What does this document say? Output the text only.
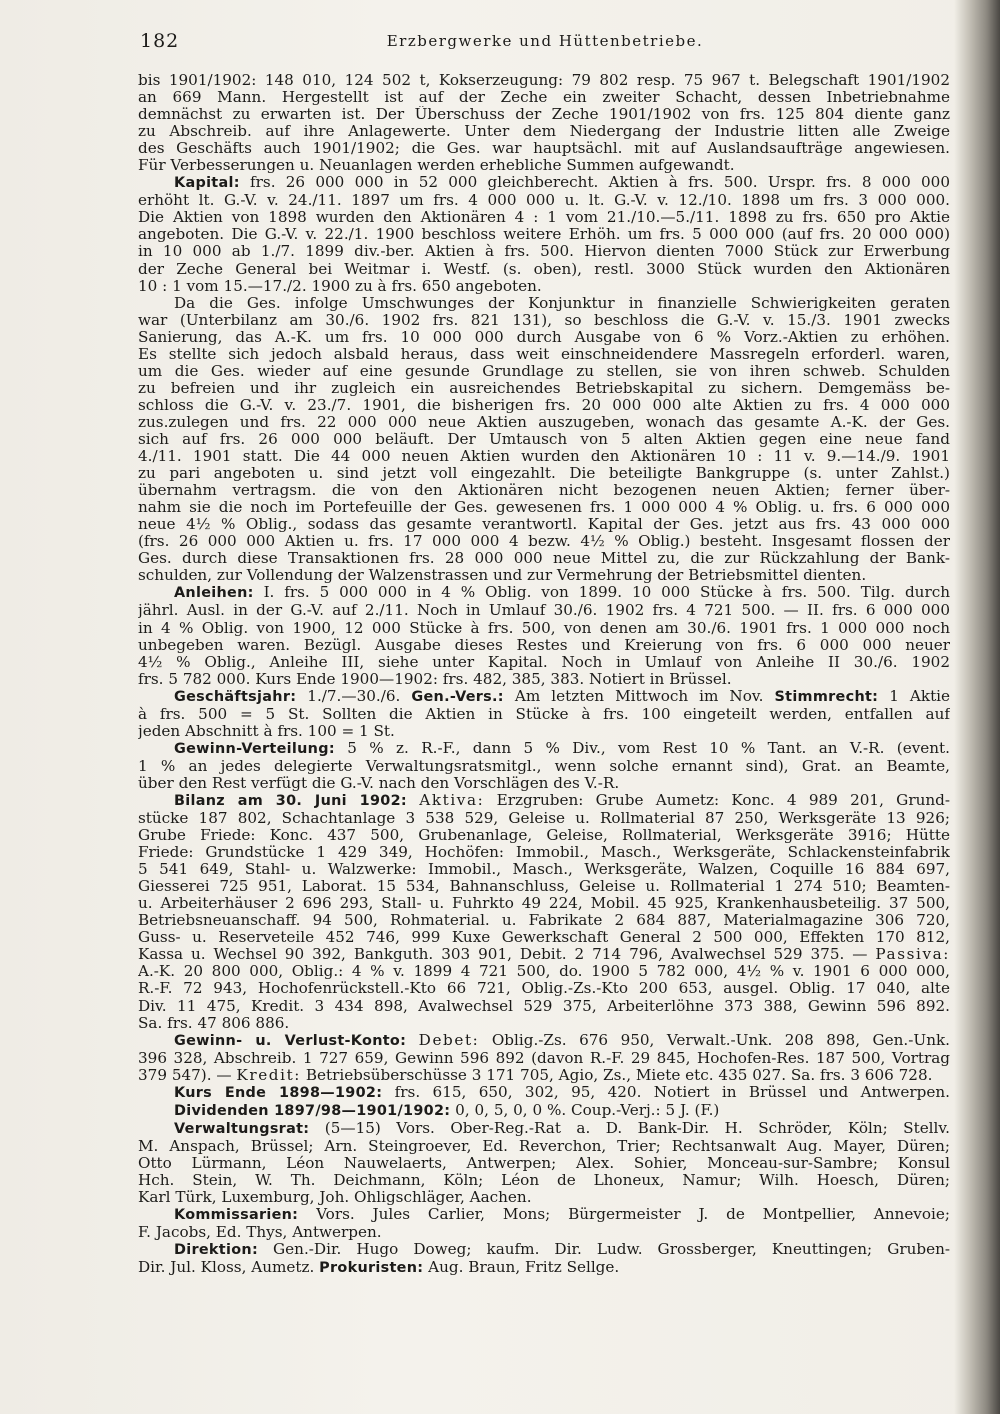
182	Erzbergwerke und Hüttenbetriebe.
bis 1901/1902: 148 010, 124 502 t, Kokserzeugung: 79 802 resp. 75 967 t. Belegschaft 1901/1902
an 669 Mann. Hergestellt ist auf der Zeche ein zweiter Schacht, dessen Inbetriebnahme
demnächst zu erwarten ist. Der Überschuss der Zeche 1901/1902 von frs. 125 804 diente ganz
zu Abschreib. auf ihre Anlagewerte. Unter dem Niedergang der Industrie litten alle Zweige
des Geschäfts auch 1901/1902; die Ges. war hauptsächl. mit auf Auslandsaufträge angewiesen.
Für Verbesserungen u. Neuanlagen werden erhebliche Summen aufgewandt.
Kapital: frs. 26 000 000 in 52 000 gleichberecht. Aktien à frs. 500. Urspr. frs. 8 000 000
erhöht lt. G.-V. v. 24./11. 1897 um frs. 4 000 000 u. lt. G.-V. v. 12./10. 1898 um frs. 3 000 000.
Die Aktien von 1898 wurden den Aktionären 4 : 1 vom 21./10.—5./11. 1898 zu frs. 650 pro Aktie
angeboten. Die G.-V. v. 22./1. 1900 beschloss weitere Erhöh. um frs. 5 000 000 (auf frs. 20 000 000)
in 10 000 ab 1./7. 1899 div.-ber. Aktien à frs. 500. Hiervon dienten 7000 Stück zur Erwerbung
der Zeche General bei Weitmar i. Westf. (s. oben), restl. 3000 Stück wurden den Aktionären
10 : 1 vom 15.—17./2. 1900 zu à frs. 650 angeboten.
Da die Ges. infolge Umschwunges der Konjunktur in finanzielle Schwierigkeiten geraten
war (Unterbilanz am 30./6. 1902 frs. 821 131), so beschloss die G.-V. v. 15./3. 1901 zwecks
Sanierung, das A.-K. um frs. 10 000 000 durch Ausgabe von 6 % Vorz.-Aktien zu erhöhen.
Es stellte sich jedoch alsbald heraus, dass weit einschneidendere Massregeln erforderl. waren,
um die Ges. wieder auf eine gesunde Grundlage zu stellen, sie von ihren schweb. Schulden
zu befreien und ihr zugleich ein ausreichendes Betriebskapital zu sichern. Demgemäss be-
schloss die G.-V. v. 23./7. 1901, die bisherigen frs. 20 000 000 alte Aktien zu frs. 4 000 000
zus.zulegen und frs. 22 000 000 neue Aktien auszugeben, wonach das gesamte A.-K. der Ges.
sich auf frs. 26 000 000 beläuft. Der Umtausch von 5 alten Aktien gegen eine neue fand
4./11. 1901 statt. Die 44 000 neuen Aktien wurden den Aktionären 10 : 11 v. 9.—14./9. 1901
zu pari angeboten u. sind jetzt voll eingezahlt. Die beteiligte Bankgruppe (s. unter Zahlst.)
übernahm vertragsm. die von den Aktionären nicht bezogenen neuen Aktien; ferner über-
nahm sie die noch im Portefeuille der Ges. gewesenen frs. 1 000 000 4 % Oblig. u. frs. 6 000 000
neue 4½ % Oblig., sodass das gesamte verantwortl. Kapital der Ges. jetzt aus frs. 43 000 000
(frs. 26 000 000 Aktien u. frs. 17 000 000 4 bezw. 4½ % Oblig.) besteht. Insgesamt flossen der
Ges. durch diese Transaktionen frs. 28 000 000 neue Mittel zu, die zur Rückzahlung der Bank-
schulden, zur Vollendung der Walzenstrassen und zur Vermehrung der Betriebsmittel dienten.
Anleihen: I. frs. 5 000 000 in 4 % Oblig. von 1899. 10 000 Stücke à frs. 500. Tilg. durch
jährl. Ausl. in der G.-V. auf 2./11. Noch in Umlauf 30./6. 1902 frs. 4 721 500. — II. frs. 6 000 000
in 4 % Oblig. von 1900, 12 000 Stücke à frs. 500, von denen am 30./6. 1901 frs. 1 000 000 noch
unbegeben waren. Bezügl. Ausgabe dieses Restes und Kreierung von frs. 6 000 000 neuer
4½ % Oblig., Anleihe III, siehe unter Kapital. Noch in Umlauf von Anleihe II 30./6. 1902
frs. 5 782 000. Kurs Ende 1900—1902: frs. 482, 385, 383. Notiert in Brüssel.
Geschäftsjahr: 1./7.—30./6. Gen.-Vers.: Am letzten Mittwoch im Nov. Stimmrecht: 1 Aktie
à frs. 500 = 5 St. Sollten die Aktien in Stücke à frs. 100 eingeteilt werden, entfallen auf
jeden Abschnitt à frs. 100 = 1 St.
Gewinn-Verteilung: 5 % z. R.-F., dann 5 % Div., vom Rest 10 % Tant. an V.-R. (event.
1 % an jedes delegierte Verwaltungsratsmitgl., wenn solche ernannt sind), Grat. an Beamte,
über den Rest verfügt die G.-V. nach den Vorschlägen des V.-R.
Bilanz am 30. Juni 1902: Aktiva: Erzgruben: Grube Aumetz: Konc. 4 989 201, Grund-
stücke 187 802, Schachtanlage 3 538 529, Geleise u. Rollmaterial 87 250, Werksgeräte 13 926;
Grube Friede: Konc. 437 500, Grubenanlage, Geleise, Rollmaterial, Werksgeräte 3916; Hütte
Friede: Grundstücke 1 429 349, Hochöfen: Immobil., Masch., Werksgeräte, Schlackensteinfabrik
5 541 649, Stahl- u. Walzwerke: Immobil., Masch., Werksgeräte, Walzen, Coquille 16 884 697,
Giesserei 725 951, Laborat. 15 534, Bahnanschluss, Geleise u. Rollmaterial 1 274 510; Beamten-
u. Arbeiterhäuser 2 696 293, Stall- u. Fuhrkto 49 224, Mobil. 45 925, Krankenhausbeteilig. 37 500,
Betriebsneuanschaff. 94 500, Rohmaterial. u. Fabrikate 2 684 887, Materialmagazine 306 720,
Guss- u. Reserveteile 452 746, 999 Kuxe Gewerkschaft General 2 500 000, Effekten 170 812,
Kassa u. Wechsel 90 392, Bankguth. 303 901, Debit. 2 714 796, Avalwechsel 529 375. — Passiva:
A.-K. 20 800 000, Oblig.: 4 % v. 1899 4 721 500, do. 1900 5 782 000, 4½ % v. 1901 6 000 000,
R.-F. 72 943, Hochofenrückstell.-Kto 66 721, Oblig.-Zs.-Kto 200 653, ausgel. Oblig. 17 040, alte
Div. 11 475, Kredit. 3 434 898, Avalwechsel 529 375, Arbeiterlöhne 373 388, Gewinn 596 892.
Sa. frs. 47 806 886.
Gewinn- u. Verlust-Konto: Debet: Oblig.-Zs. 676 950, Verwalt.-Unk. 208 898, Gen.-Unk.
396 328, Abschreib. 1 727 659, Gewinn 596 892 (davon R.-F. 29 845, Hochofen-Res. 187 500, Vortrag
379 547). — Kredit: Betriebsüberschüsse 3 171 705, Agio, Zs., Miete etc. 435 027. Sa. frs. 3 606 728.
Kurs Ende 1898—1902: frs. 615, 650, 302, 95, 420. Notiert in Brüssel und Antwerpen.
Dividenden 1897/98—1901/1902: 0, 0, 5, 0, 0 %. Coup.-Verj.: 5 J. (F.)
Verwaltungsrat: (5—15) Vors. Ober-Reg.-Rat a. D. Bank-Dir. H. Schröder, Köln; Stellv.
M. Anspach, Brüssel; Arn. Steingroever, Ed. Reverchon, Trier; Rechtsanwalt Aug. Mayer, Düren;
Otto Lürmann, Léon Nauwelaerts, Antwerpen; Alex. Sohier, Monceau-sur-Sambre; Konsul
Hch. Stein, W. Th. Deichmann, Köln; Léon de Lhoneux, Namur; Wilh. Hoesch, Düren;
Karl Türk, Luxemburg, Joh. Ohligschläger, Aachen.
Kommissarien: Vors. Jules Carlier, Mons; Bürgermeister J. de Montpellier, Annevoie;
F. Jacobs, Ed. Thys, Antwerpen.
Direktion: Gen.-Dir. Hugo Doweg; kaufm. Dir. Ludw. Grossberger, Kneuttingen; Gruben-
Dir. Jul. Kloss, Aumetz. Prokuristen: Aug. Braun, Fritz Sellge.
